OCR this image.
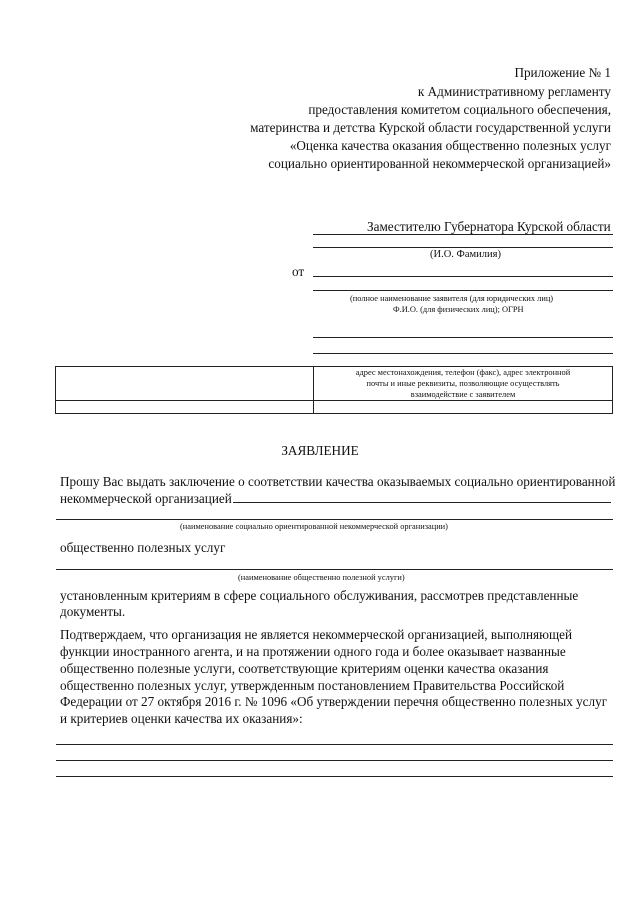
Приложение № 1
к Административному регламенту
предоставления комитетом социального обеспечения,
материнства и детства Курской области государственной услуги
«Оценка качества оказания общественно полезных услуг
социально ориентированной некоммерческой организацией»
Заместителю Губернатора Курской области
(И.О. Фамилия)
от
(полное наименование заявителя (для юридических лиц)
Ф.И.О. (для физических лиц); ОГРН

	адрес местонахождения, телефон (факс), адрес электронной
почты и иные реквизиты, позволяющие осуществлять
взаимодействие с заявителем

ЗАЯВЛЕНИЕ
Прошу Вас выдать заключение о соответствии качества оказываемых социально ориентированной
некоммерческой организацией
(наименование социально ориентированной некоммерческой организации)
общественно полезных услуг
(наименование общественно полезной услуги)
установленным критериям в сфере социального обслуживания, рассмотрев представленные
документы.
Подтверждаем, что организация не является некоммерческой организацией, выполняющей
функции иностранного агента, и на протяжении одного года и более оказывает названные
общественно полезные услуги, соответствующие критериям оценки качества оказания
общественно полезных услуг, утвержденным постановлением Правительства Российской
Федерации от 27 октября 2016 г. № 1096 «Об утверждении перечня общественно полезных услуг
и критериев оценки качества их оказания»:
